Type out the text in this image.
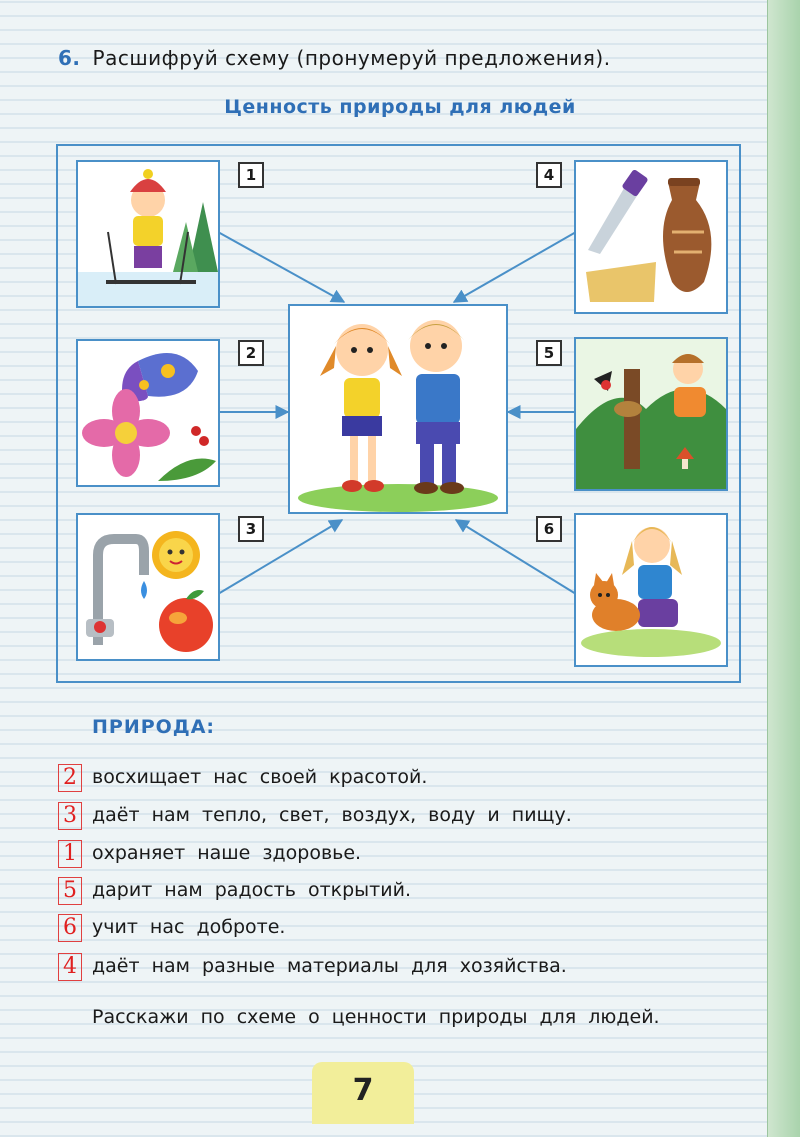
6. Расшифруй схему (пронумеруй предложения).
Ценность природы для людей
1
2
3
4
5
6
ПРИРОДА:
2 восхищает нас своей красотой.
3 даёт нам тепло, свет, воздух, воду и пищу.
1 охраняет наше здоровье.
5 дарит нам радость открытий.
6 учит нас доброте.
4 даёт нам разные материалы для хозяйства.
Расскажи по схеме о ценности природы для людей.
7
